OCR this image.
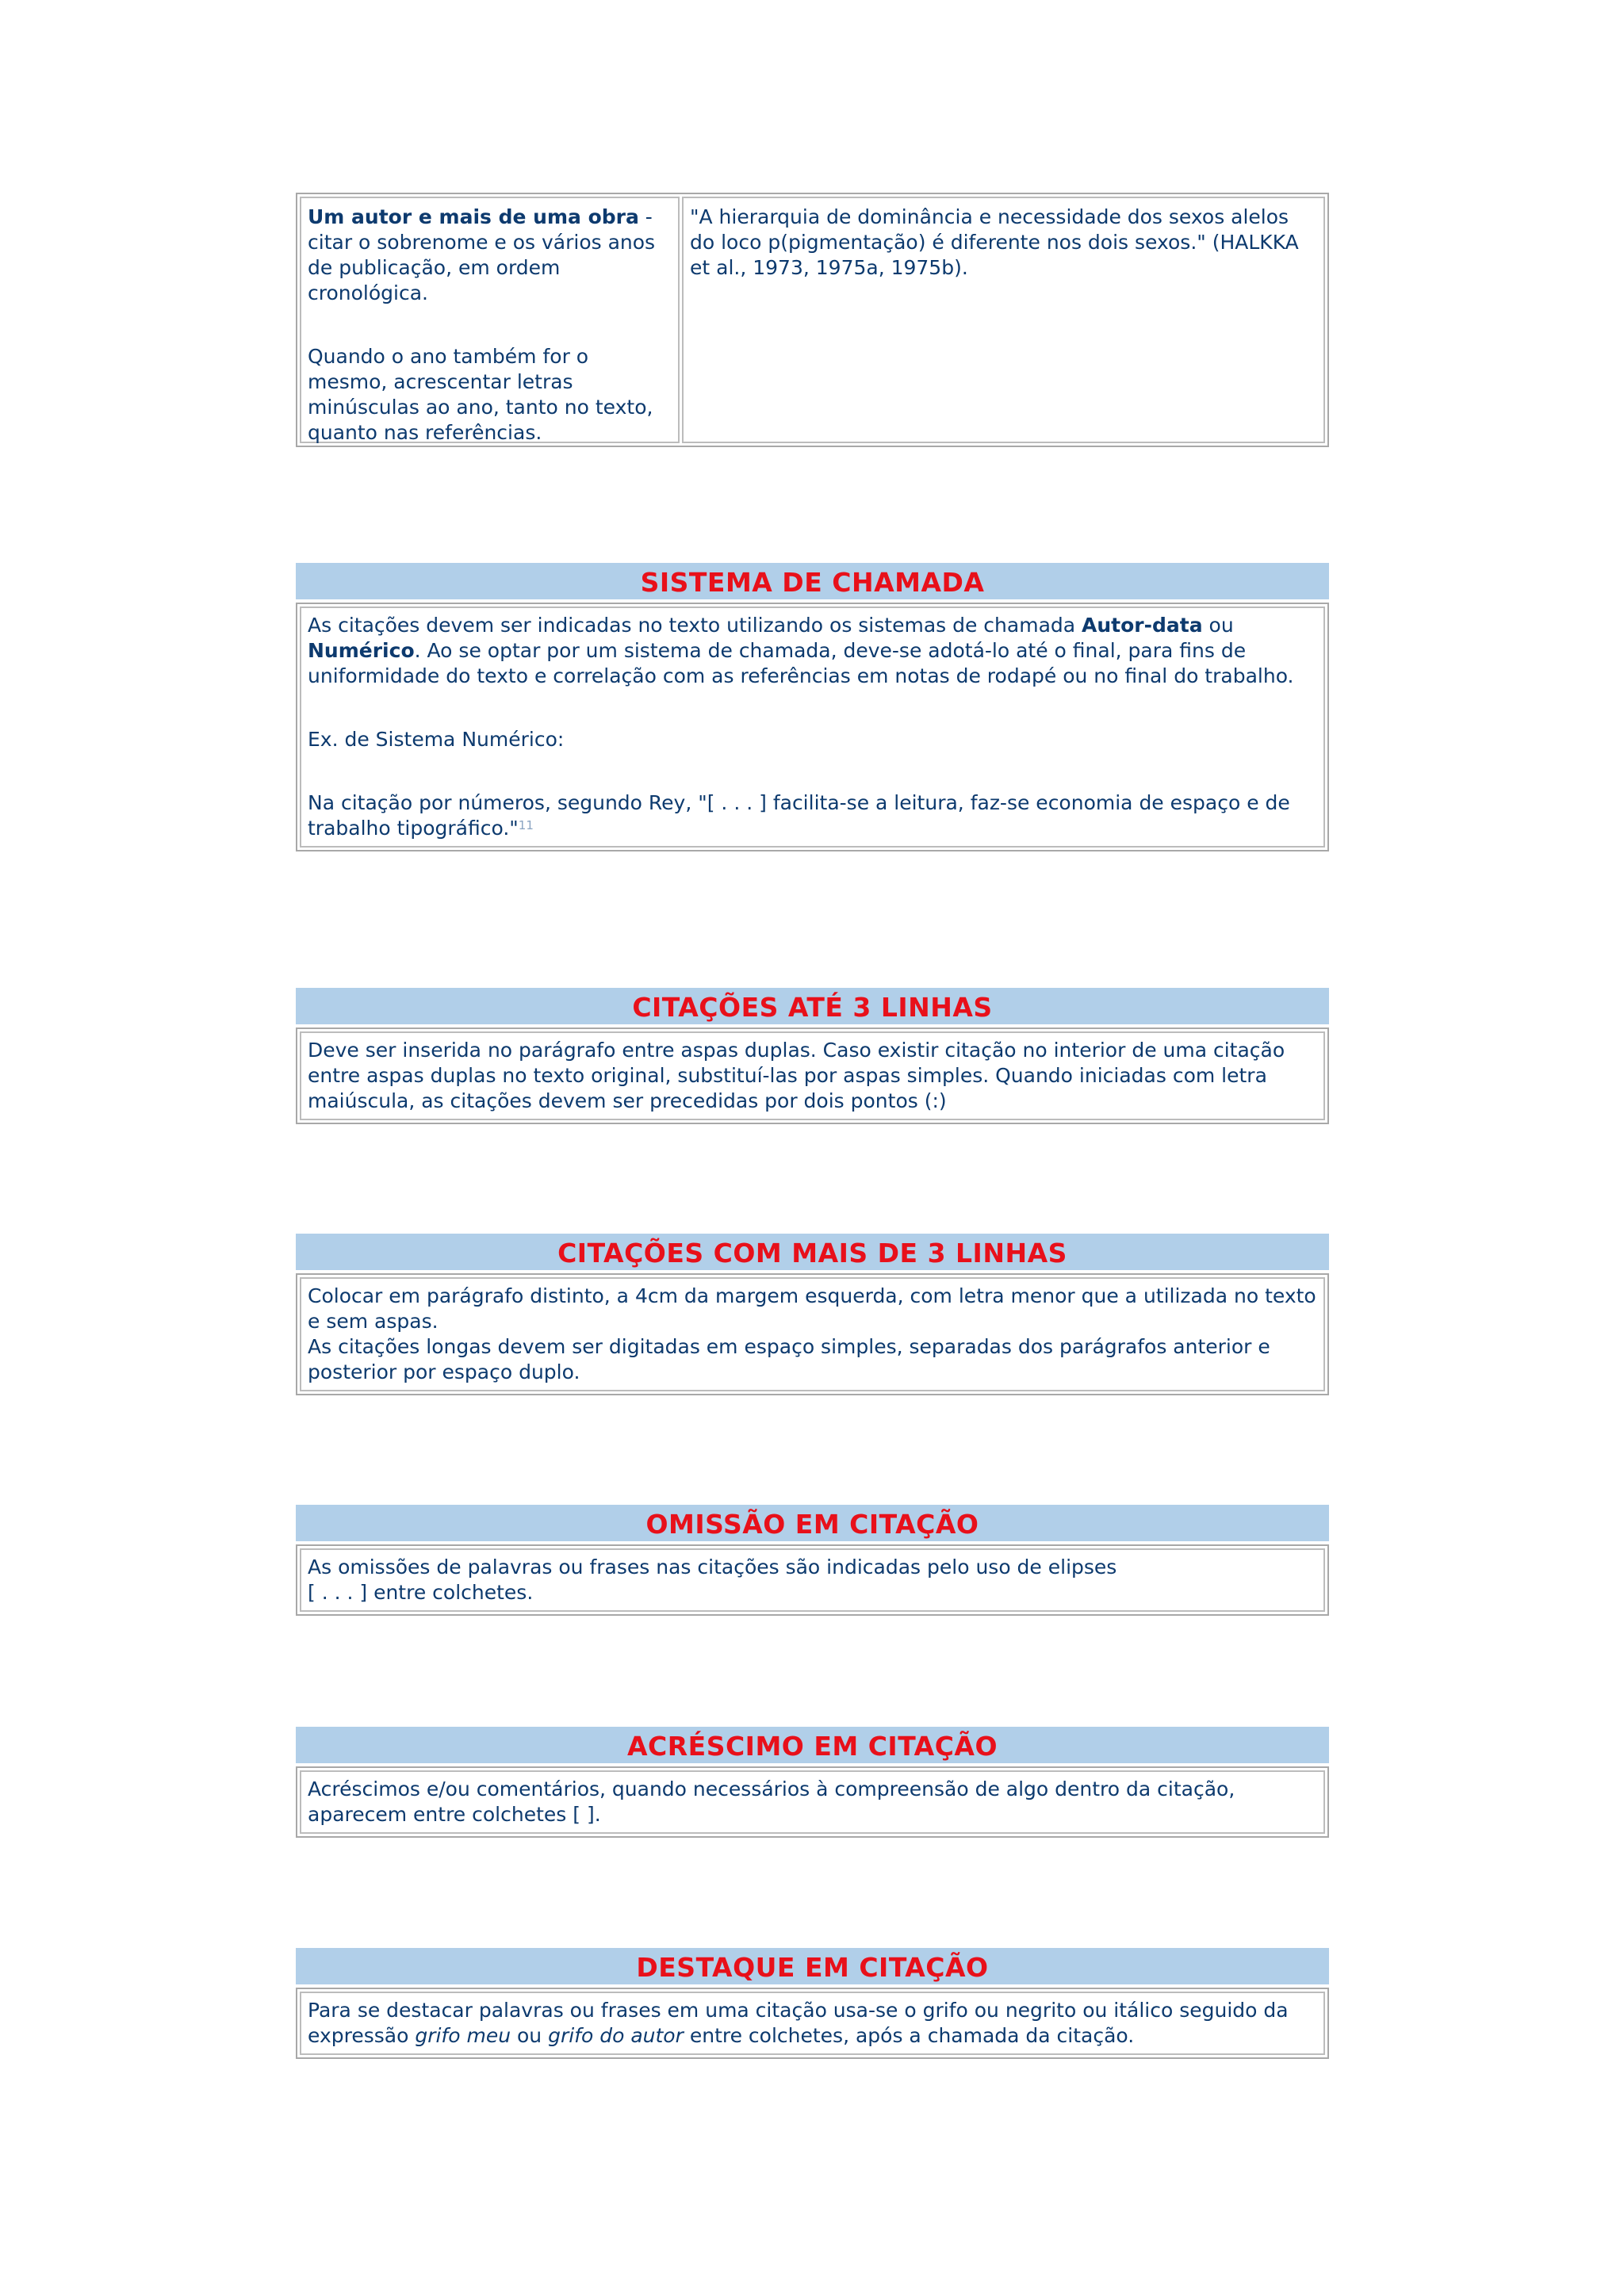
Um autor e mais de uma obra - citar o sobrenome e os vários anos de publicação, em ordem cronológica.
Quando o ano também for o mesmo, acrescentar letras minúsculas ao ano, tanto no texto, quanto nas referências.
"A hierarquia de dominância e necessidade dos sexos alelos do loco p(pigmentação) é diferente nos dois sexos." (HALKKA et al., 1973, 1975a, 1975b).
SISTEMA DE CHAMADA
As citações devem ser indicadas no texto utilizando os sistemas de chamada Autor-data ou Numérico. Ao se optar por um sistema de chamada, deve-se adotá-lo até o final, para fins de uniformidade do texto e correlação com as referências em notas de rodapé ou no final do trabalho.
Ex. de Sistema Numérico:
Na citação por números, segundo Rey, "[ . . . ] facilita-se a leitura, faz-se economia de espaço e de trabalho tipográfico."$^{11}$
CITAÇÕES ATÉ 3 LINHAS
Deve ser inserida no parágrafo entre aspas duplas. Caso existir citação no interior de uma citação entre aspas duplas no texto original, substituí-las por aspas simples. Quando iniciadas com letra maiúscula, as citações devem ser precedidas por dois pontos (:)
CITAÇÕES COM MAIS DE 3 LINHAS
Colocar em parágrafo distinto, a 4cm da margem esquerda, com letra menor que a utilizada no texto e sem aspas.
As citações longas devem ser digitadas em espaço simples, separadas dos parágrafos anterior e posterior por espaço duplo.
OMISSÃO EM CITAÇÃO
As omissões de palavras ou frases nas citações são indicadas pelo uso de elipses
[ . . . ] entre colchetes.
ACRÉSCIMO EM CITAÇÃO
Acréscimos e/ou comentários, quando necessários à compreensão de algo dentro da citação, aparecem entre colchetes [ ].
DESTAQUE EM CITAÇÃO
Para se destacar palavras ou frases em uma citação usa-se o grifo ou negrito ou itálico seguido da expressão grifo meu ou grifo do autor entre colchetes, após a chamada da citação.
